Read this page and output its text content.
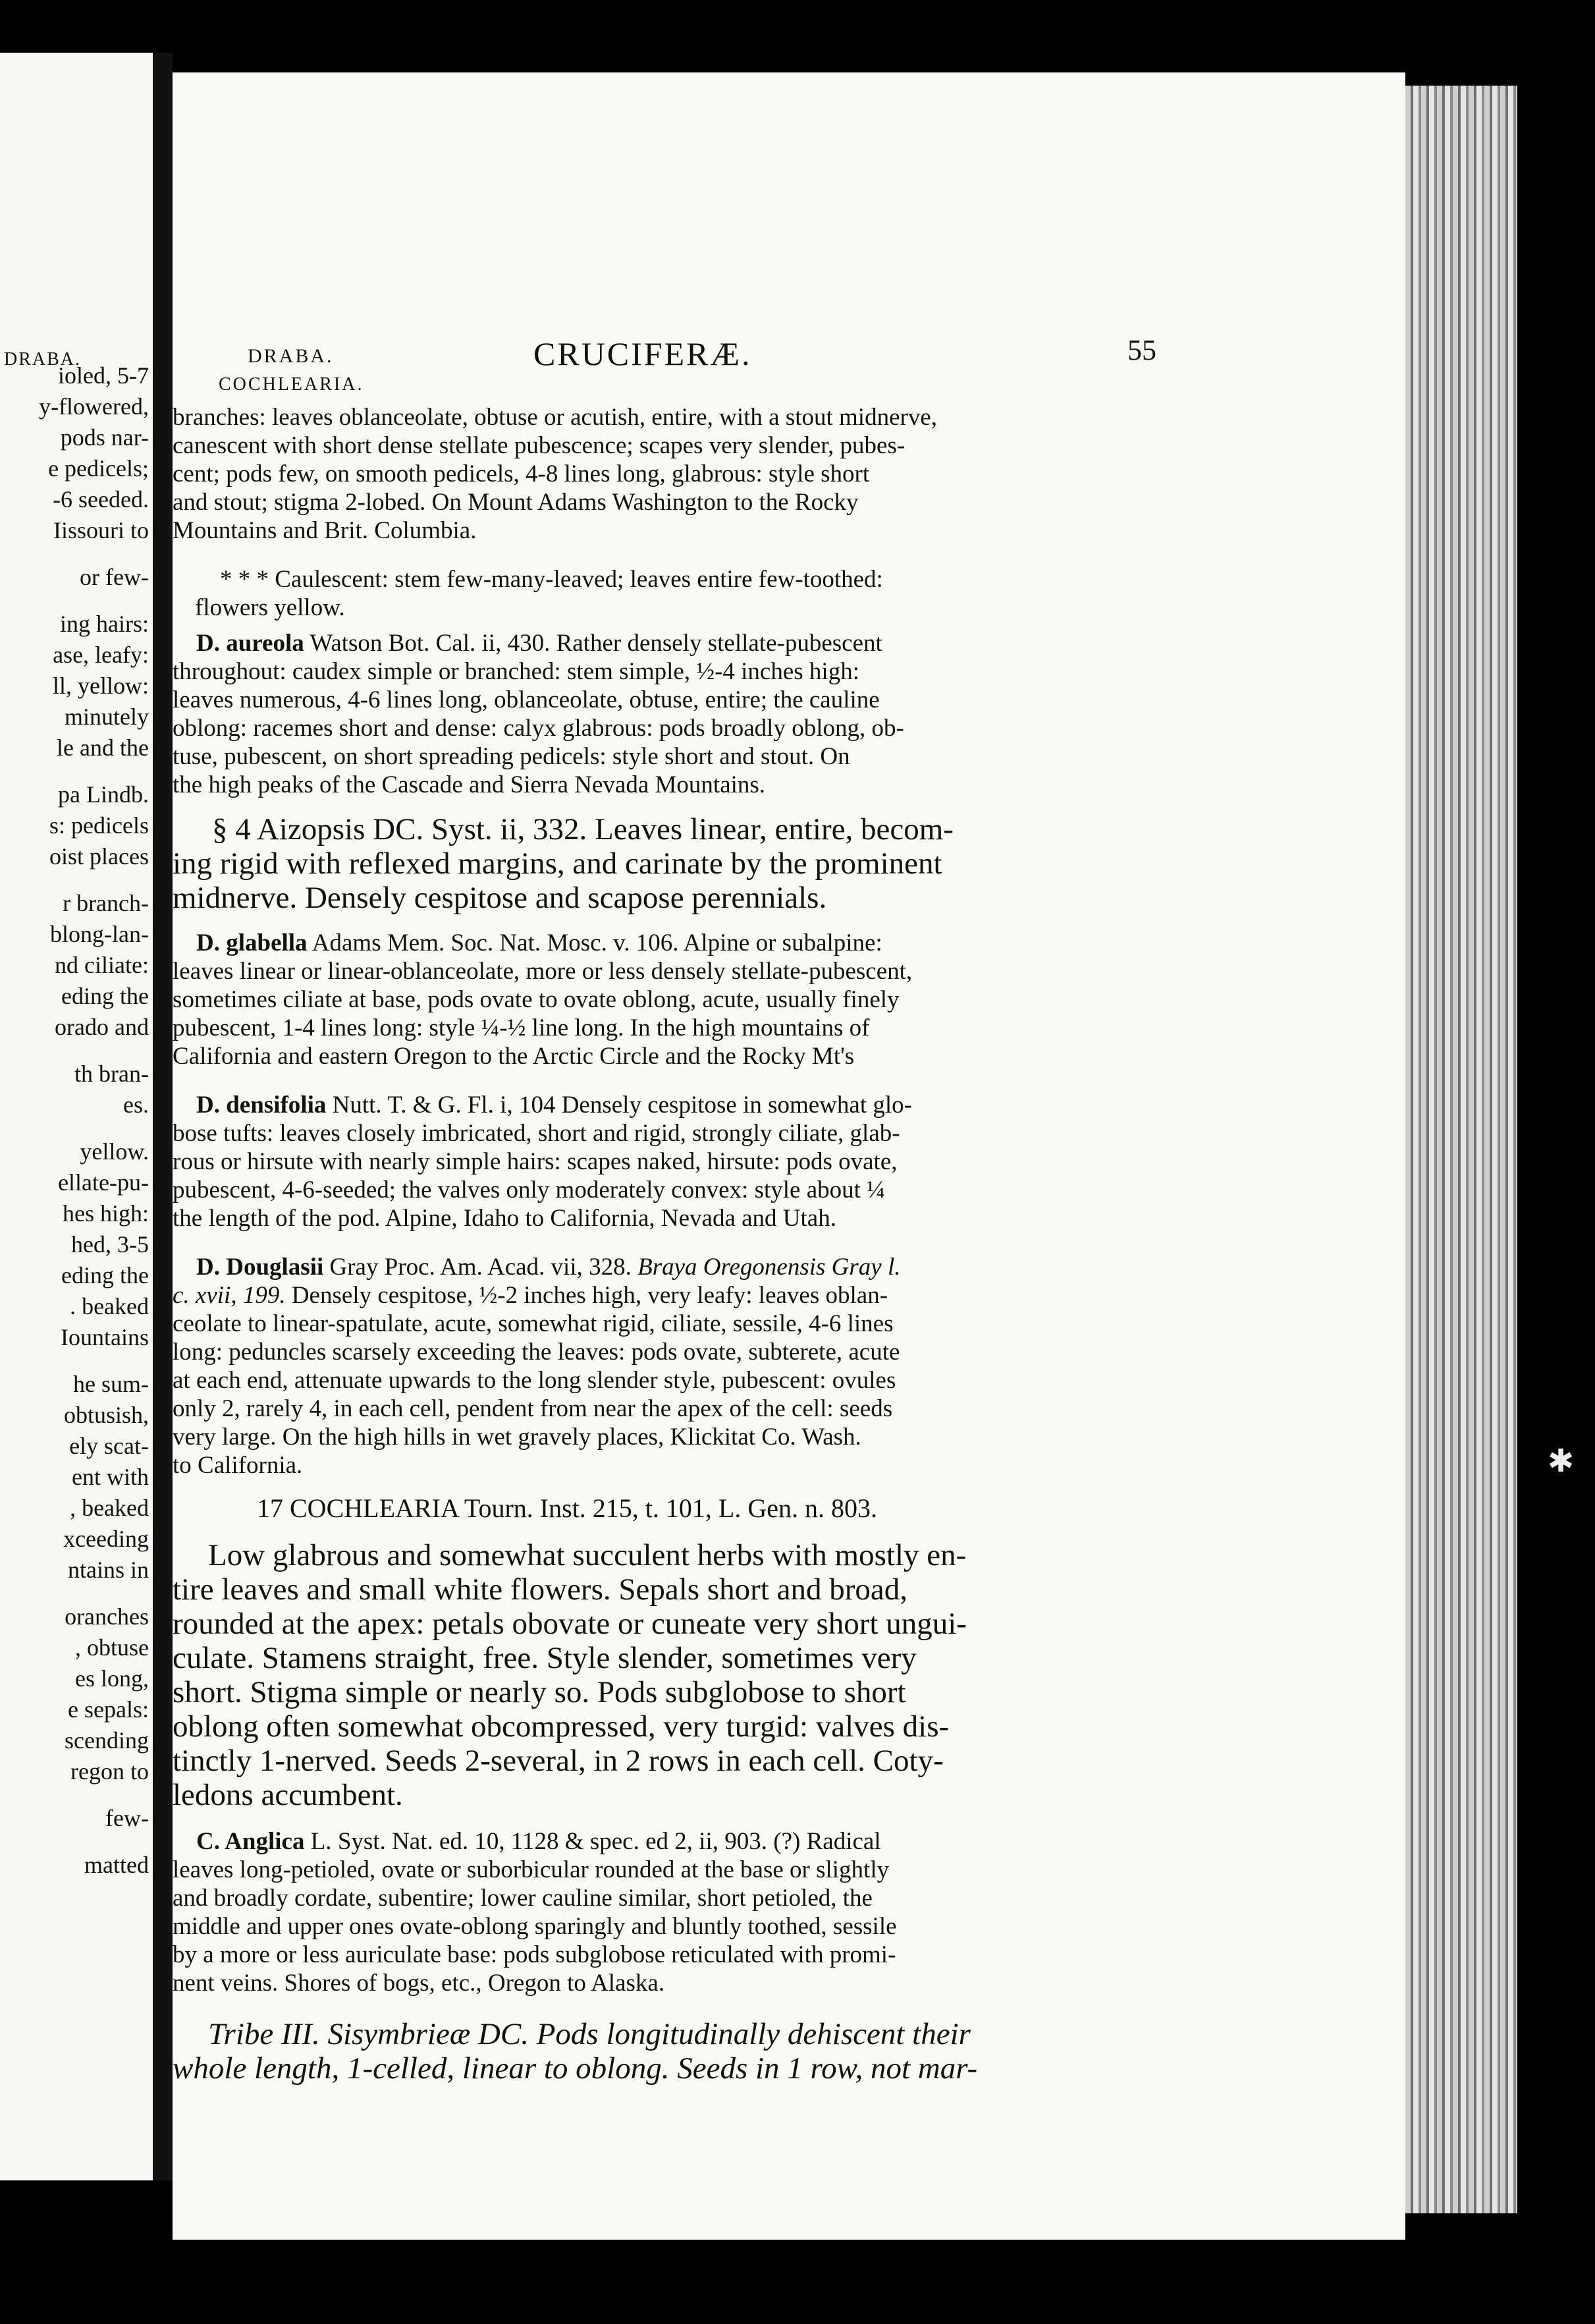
DRABA.
ioled, 5-7
y-flowered,
pods nar-
e pedicels;
-6 seeded.
Iissouri to
or few-
ing hairs:
ase, leafy:
ll, yellow:
minutely
le and the
pa Lindb.
s: pedicels
oist places
r branch-
blong-lan-
nd ciliate:
eding the
orado and
th bran-
es.
yellow.
ellate-pu-
hes high:
hed, 3-5
eding the
. beaked
Iountains
he sum-
obtusish,
ely scat-
ent with
, beaked
xceeding
ntains in
oranches
, obtuse
es long,
e sepals:
scending
regon to
few-
matted
DRABA.
COCHLEARIA.
CRUCIFERÆ.	55
branches: leaves oblanceolate, obtuse or acutish, entire, with a stout midnerve,
canescent with short dense stellate pubescence; scapes very slender, pubes-
cent; pods few, on smooth pedicels, 4-8 lines long, glabrous: style short
and stout; stigma 2-lobed. On Mount Adams Washington to the Rocky
Mountains and Brit. Columbia.
* * * Caulescent: stem few-many-leaved; leaves entire few-toothed:
flowers yellow.
D. aureola Watson Bot. Cal. ii, 430. Rather densely stellate-pubescent
throughout: caudex simple or branched: stem simple, ½-4 inches high:
leaves numerous, 4-6 lines long, oblanceolate, obtuse, entire; the cauline
oblong: racemes short and dense: calyx glabrous: pods broadly oblong, ob-
tuse, pubescent, on short spreading pedicels: style short and stout. On
the high peaks of the Cascade and Sierra Nevada Mountains.
§ 4 Aizopsis DC. Syst. ii, 332. Leaves linear, entire, becom-
ing rigid with reflexed margins, and carinate by the prominent
midnerve. Densely cespitose and scapose perennials.
D. glabella Adams Mem. Soc. Nat. Mosc. v. 106. Alpine or subalpine:
leaves linear or linear-oblanceolate, more or less densely stellate-pubescent,
sometimes ciliate at base, pods ovate to ovate oblong, acute, usually finely
pubescent, 1-4 lines long: style ¼-½ line long. In the high mountains of
California and eastern Oregon to the Arctic Circle and the Rocky Mt's
D. densifolia Nutt. T. & G. Fl. i, 104 Densely cespitose in somewhat glo-
bose tufts: leaves closely imbricated, short and rigid, strongly ciliate, glab-
rous or hirsute with nearly simple hairs: scapes naked, hirsute: pods ovate,
pubescent, 4-6-seeded; the valves only moderately convex: style about ¼
the length of the pod. Alpine, Idaho to California, Nevada and Utah.
D. Douglasii Gray Proc. Am. Acad. vii, 328. Braya Oregonensis Gray l.
c. xvii, 199. Densely cespitose, ½-2 inches high, very leafy: leaves oblan-
ceolate to linear-spatulate, acute, somewhat rigid, ciliate, sessile, 4-6 lines
long: peduncles scarsely exceeding the leaves: pods ovate, subterete, acute
at each end, attenuate upwards to the long slender style, pubescent: ovules
only 2, rarely 4, in each cell, pendent from near the apex of the cell: seeds
very large. On the high hills in wet gravely places, Klickitat Co. Wash.
to California.
17 COCHLEARIA Tourn. Inst. 215, t. 101, L. Gen. n. 803.
Low glabrous and somewhat succulent herbs with mostly en-
tire leaves and small white flowers. Sepals short and broad,
rounded at the apex: petals obovate or cuneate very short ungui-
culate. Stamens straight, free. Style slender, sometimes very
short. Stigma simple or nearly so. Pods subglobose to short
oblong often somewhat obcompressed, very turgid: valves dis-
tinctly 1-nerved. Seeds 2-several, in 2 rows in each cell. Coty-
ledons accumbent.
C. Anglica L. Syst. Nat. ed. 10, 1128 & spec. ed 2, ii, 903. (?) Radical
leaves long-petioled, ovate or suborbicular rounded at the base or slightly
and broadly cordate, subentire; lower cauline similar, short petioled, the
middle and upper ones ovate-oblong sparingly and bluntly toothed, sessile
by a more or less auriculate base: pods subglobose reticulated with promi-
nent veins. Shores of bogs, etc., Oregon to Alaska.
Tribe III. Sisymbrieæ DC. Pods longitudinally dehiscent their
whole length, 1-celled, linear to oblong. Seeds in 1 row, not mar-
✱
